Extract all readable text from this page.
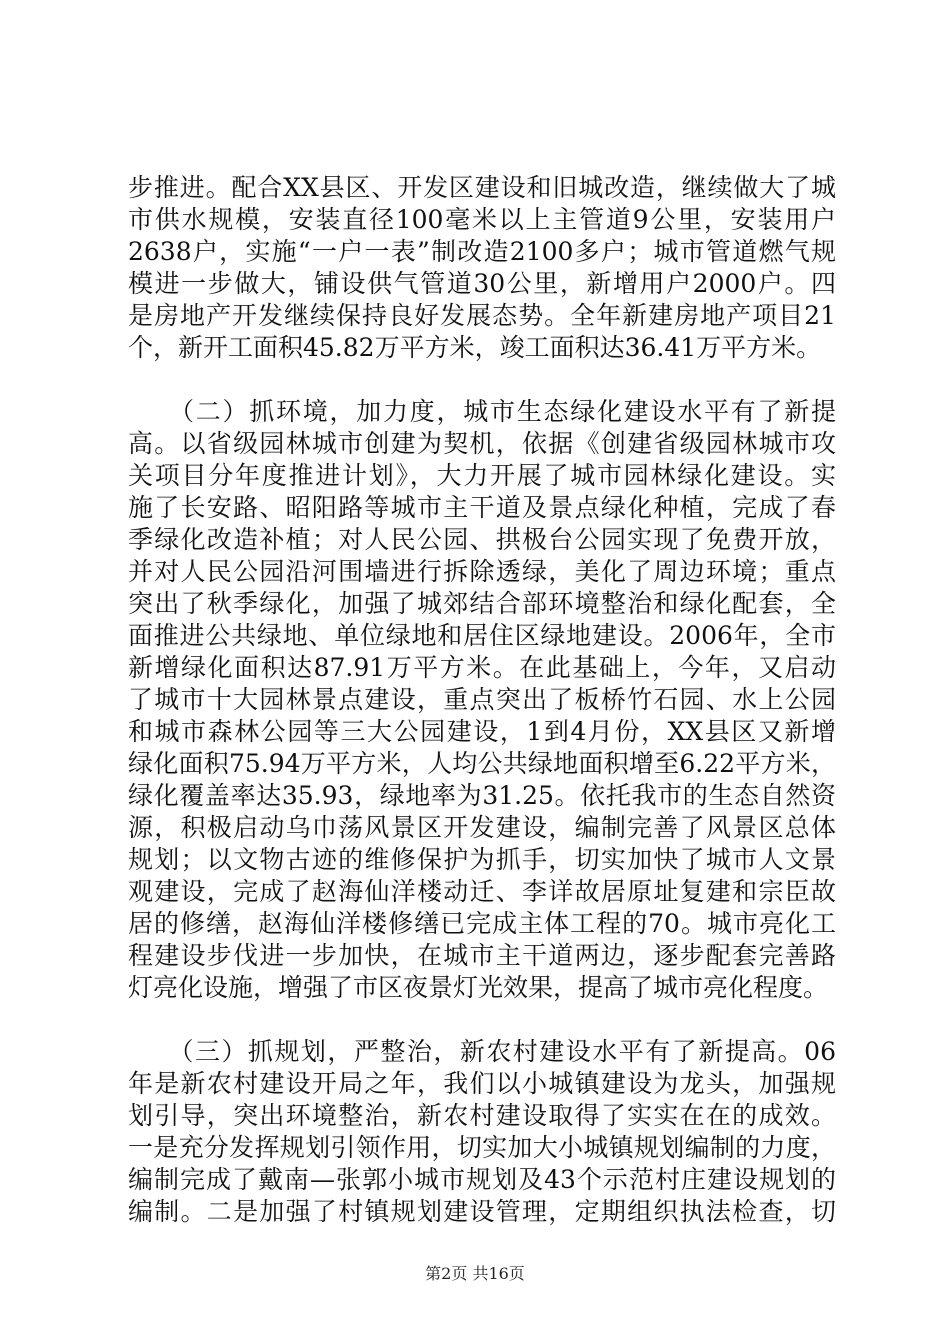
步推进。配合XX县区、开发区建设和旧城改造，继续做大了城
市供水规模，安装直径100毫米以上主管道9公里，安装用户
2638户，实施“一户一表”制改造2100多户；城市管道燃气规
模进一步做大，铺设供气管道30公里，新增用户2000户。四
是房地产开发继续保持良好发展态势。全年新建房地产项目21
个，新开工面积45.82万平方米，竣工面积达36.41万平方米。
　　（二）抓环境，加力度，城市生态绿化建设水平有了新提
高。以省级园林城市创建为契机，依据《创建省级园林城市攻
关项目分年度推进计划》，大力开展了城市园林绿化建设。实
施了长安路、昭阳路等城市主干道及景点绿化种植，完成了春
季绿化改造补植；对人民公园、拱极台公园实现了免费开放，
并对人民公园沿河围墙进行拆除透绿，美化了周边环境；重点
突出了秋季绿化，加强了城郊结合部环境整治和绿化配套，全
面推进公共绿地、单位绿地和居住区绿地建设。2006年，全市
新增绿化面积达87.91万平方米。在此基础上，今年，又启动
了城市十大园林景点建设，重点突出了板桥竹石园、水上公园
和城市森林公园等三大公园建设，1到4月份，XX县区又新增
绿化面积75.94万平方米，人均公共绿地面积增至6.22平方米，
绿化覆盖率达35.93，绿地率为31.25。依托我市的生态自然资
源，积极启动乌巾荡风景区开发建设，编制完善了风景区总体
规划；以文物古迹的维修保护为抓手，切实加快了城市人文景
观建设，完成了赵海仙洋楼动迁、李详故居原址复建和宗臣故
居的修缮，赵海仙洋楼修缮已完成主体工程的70。城市亮化工
程建设步伐进一步加快，在城市主干道两边，逐步配套完善路
灯亮化设施，增强了市区夜景灯光效果，提高了城市亮化程度。
　　（三）抓规划，严整治，新农村建设水平有了新提高。06
年是新农村建设开局之年，我们以小城镇建设为龙头，加强规
划引导，突出环境整治，新农村建设取得了实实在在的成效。
一是充分发挥规划引领作用，切实加大小城镇规划编制的力度，
编制完成了戴南—张郭小城市规划及43个示范村庄建设规划的
编制。二是加强了村镇规划建设管理，定期组织执法检查，切
第2页 共16页
